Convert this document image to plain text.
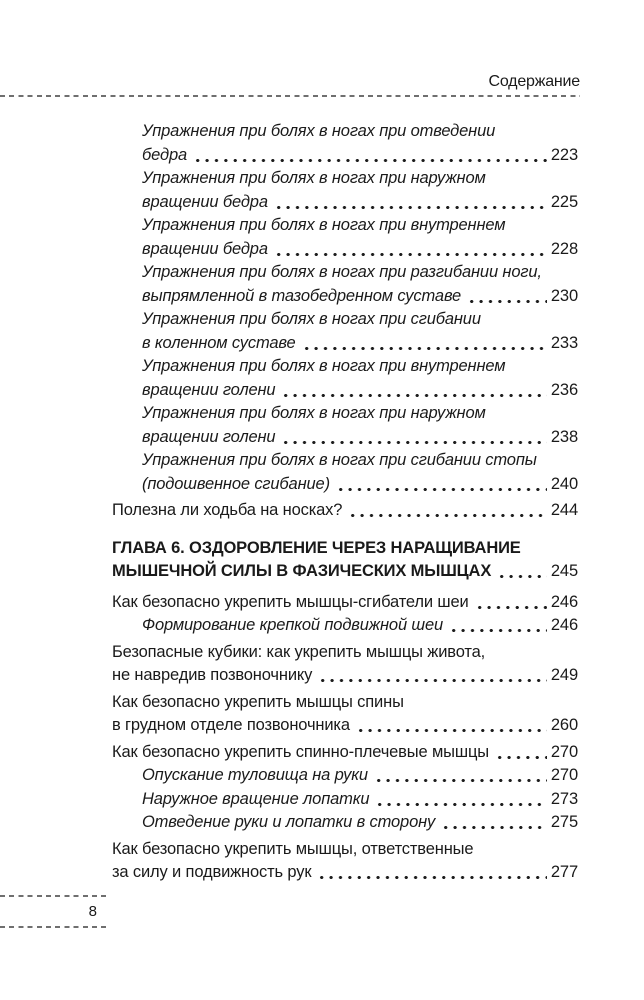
Содержание
Упражнения при болях в ногах при отведении
бедра	223
Упражнения при болях в ногах при наружном
вращении бедра	225
Упражнения при болях в ногах при внутреннем
вращении бедра	228
Упражнения при болях в ногах при разгибании ноги,
выпрямленной в тазобедренном суставе	230
Упражнения при болях в ногах при сгибании
в коленном суставе	233
Упражнения при болях в ногах при внутреннем
вращении голени	236
Упражнения при болях в ногах при наружном
вращении голени	238
Упражнения при болях в ногах при сгибании стопы
(подошвенное сгибание)	240
Полезна ли ходьба на носках?	244
ГЛАВА 6. ОЗДОРОВЛЕНИЕ ЧЕРЕЗ НАРАЩИВАНИЕ
МЫШЕЧНОЙ СИЛЫ В ФАЗИЧЕСКИХ МЫШЦАХ	245
Как безопасно укрепить мышцы-сгибатели шеи	246
Формирование крепкой подвижной шеи	246
Безопасные кубики: как укрепить мышцы живота,
не навредив позвоночнику	249
Как безопасно укрепить мышцы спины
в грудном отделе позвоночника	260
Как безопасно укрепить спинно-плечевые мышцы	270
Опускание туловища на руки	270
Наружное вращение лопатки	273
Отведение руки и лопатки в сторону	275
Как безопасно укрепить мышцы, ответственные
за силу и подвижность рук	277
8
